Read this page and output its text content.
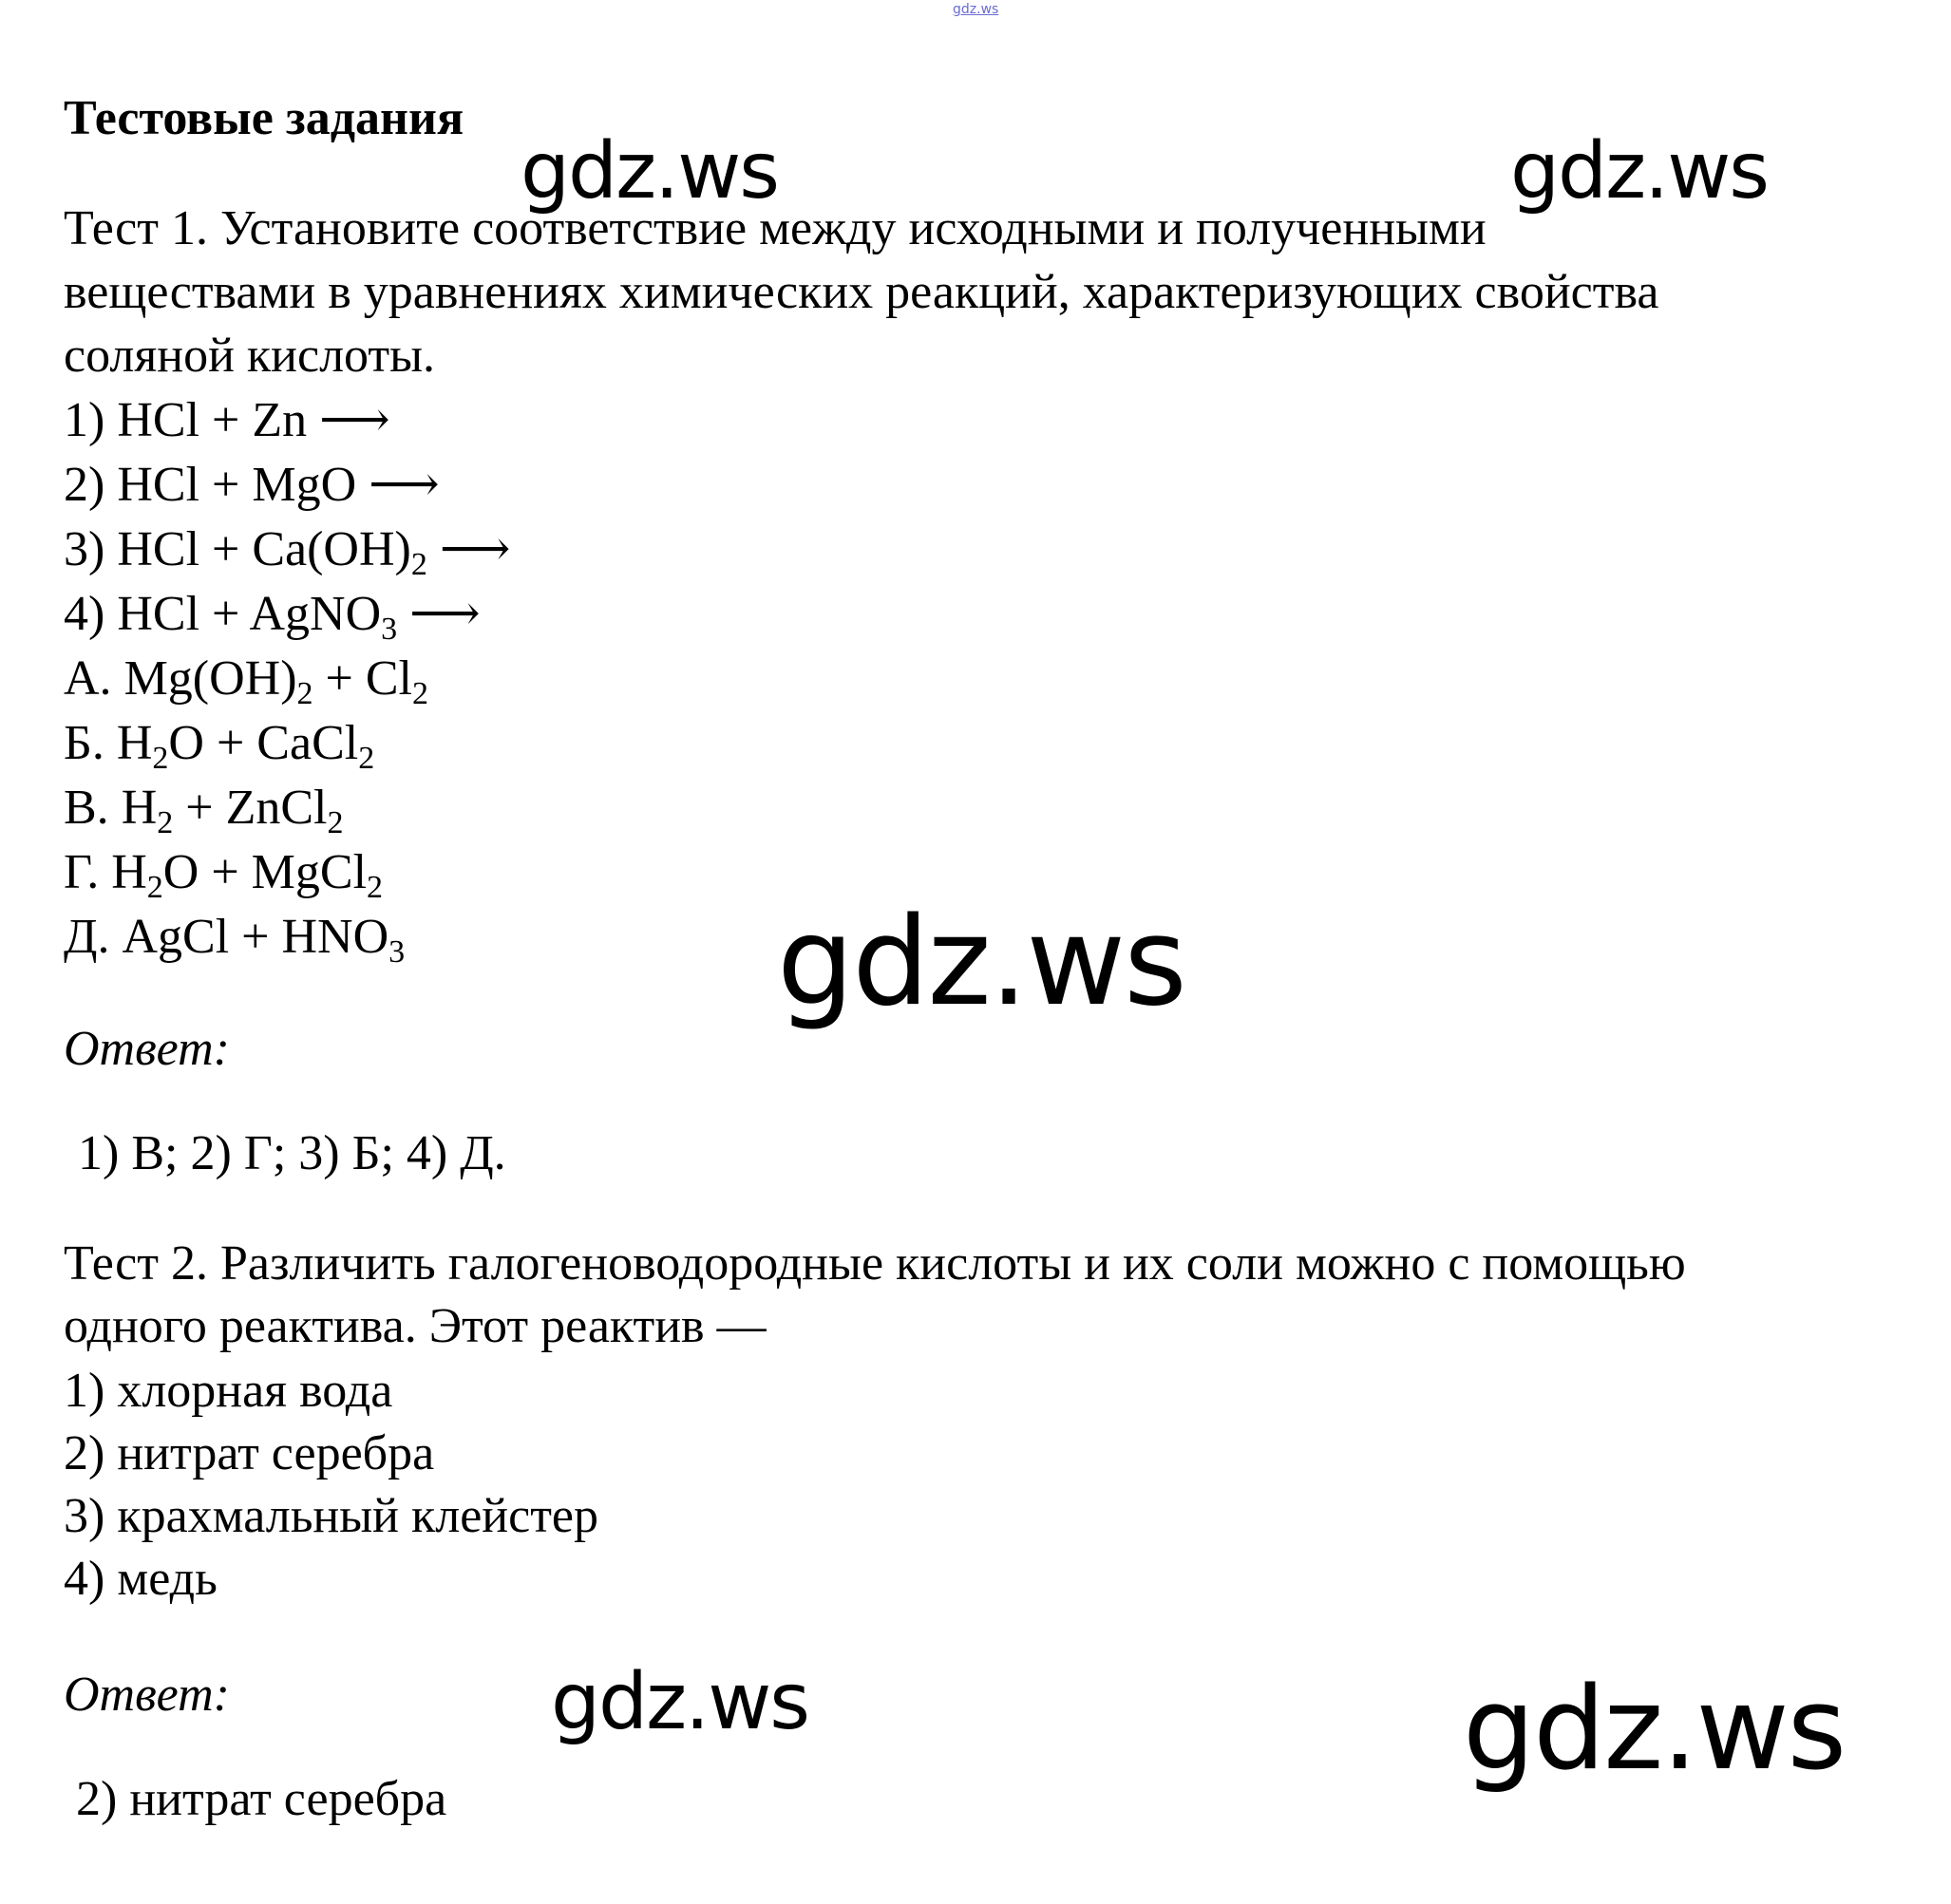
gdz.ws
Тестовые задания
Тест 1. Установите соответствие между исходными и полученными
веществами в уравнениях химических реакций, характеризующих свойства
соляной кислоты.
1) HCl + Zn ⟶
2) HCl + MgO ⟶
3) HCl + $Ca(OH)_2$ ⟶
4) HCl + AgNO$_3$ ⟶
А. $Mg(OH)_2 + Cl_2$
Б. $H_2O$ + CaCl$_2$
В. $H_2$ + ZnCl$_2$
Г. $H_2O$ + MgCl$_2$
Д. AgCl + $HNO_3$
Ответ:
1) В; 2) Г; 3) Б; 4) Д.
Тест 2. Различить галогеноводородные кислоты и их соли можно с помощью
одного реактива. Этот реактив —
1) хлорная вода
2) нитрат серебра
3) крахмальный клейстер
4) медь
Ответ:
2) нитрат серебра
gdz.ws	gdz.ws
gdz.ws
gdz.ws	gdz.ws
